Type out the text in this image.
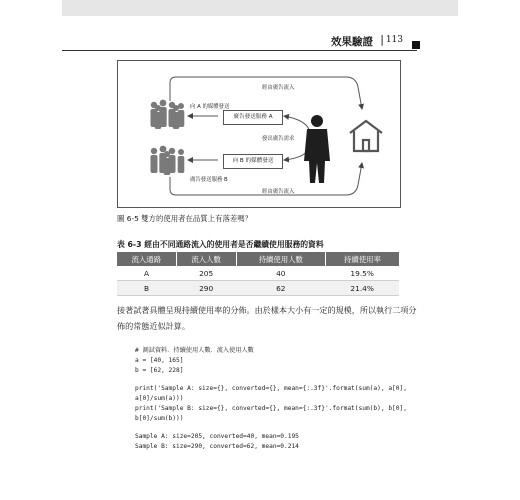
效果驗證 | 113
經由廣告流入
向 A 的媒體發送
廣告發送服務 A
發出廣告需求
向 B 的媒體發送
廣告發送服務 B
經由廣告流入
圖 6-5 雙方的使用者在品質上有落差嗎？
表 6-3 經由不同通路流入的使用者是否繼續使用服務的資料
流入通路	流入人數	持續使用人數	持續使用率
A	205	40	19.5%
B	290	62	21.4%
接著試著具體呈現持續使用率的分佈。由於樣本大小有一定的規模，所以執行二項分
佈的常態近似計算。
# 測試資料．持續使用人數．流入使用人數
a = [40, 165]
b = [62, 228]
print('Sample A: size={}, converted={}, mean={:.3f}'.format(sum(a), a[0],
a[0]/sum(a)))
print('Sample B: size={}, converted={}, mean={:.3f}'.format(sum(b), b[0],
b[0]/sum(b)))
Sample A: size=205, converted=40, mean=0.195
Sample B: size=290, converted=62, mean=0.214
